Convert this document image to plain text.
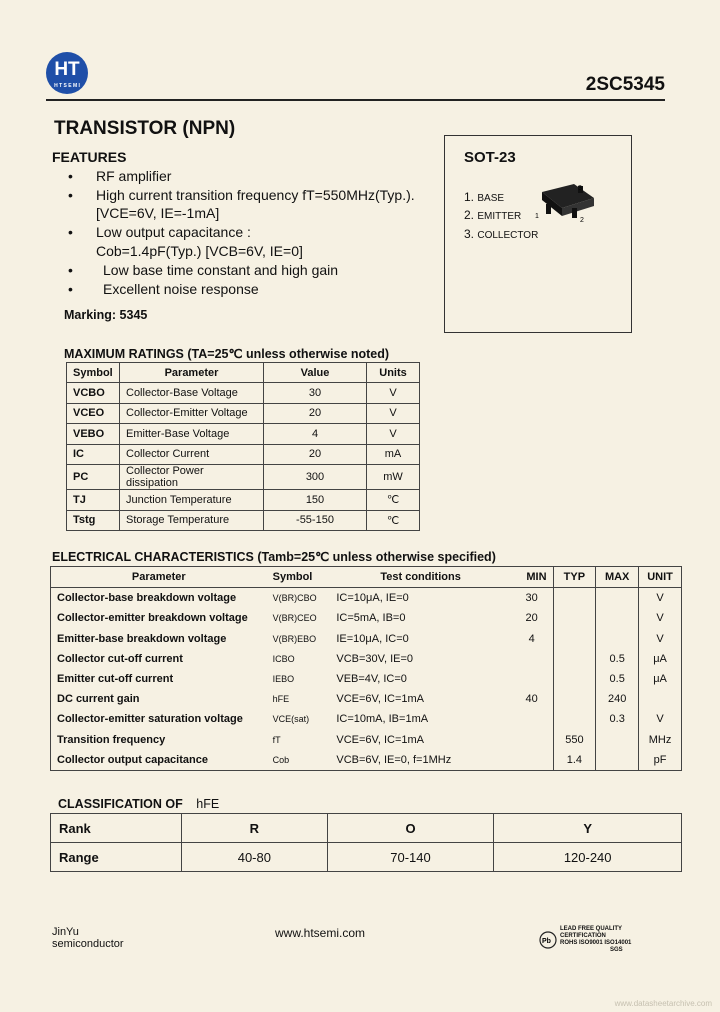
HT
H T S E M I	2SC5345
TRANSISTOR (NPN)
FEATURES
• RF amplifier
• High current transition frequency fT=550MHz(Typ.).
[VCE=6V, IE=-1mA]
• Low output capacitance :
Cob=1.4pF(Typ.) [VCB=6V, IE=0]
• Low base time constant and high gain
• Excellent noise response
SOT-23
1. BASE
2. EMITTER
3. COLLECTOR
1
2
3
Marking: 5345
MAXIMUM RATINGS (TA=25℃ unless otherwise noted)
Symbol	Parameter	Value	Units
VCBO	Collector-Base Voltage	30	V
VCEO	Collector-Emitter Voltage	20	V
VEBO	Emitter-Base Voltage	4	V
IC	Collector Current	20	mA
PC	Collector Power dissipation	300	mW
TJ	Junction Temperature	150	℃
Tstg	Storage Temperature	-55-150	℃
ELECTRICAL CHARACTERISTICS (Tamb=25℃ unless otherwise specified)
Parameter	Symbol	Test conditions	MIN	TYP	MAX	UNIT
Collector-base breakdown voltage	V(BR)CBO	IC=10μA, IE=0	30			V
Collector-emitter breakdown voltage	V(BR)CEO	IC=5mA, IB=0	20			V
Emitter-base breakdown voltage	V(BR)EBO	IE=10μA, IC=0	4			V
Collector cut-off current	ICBO	VCB=30V, IE=0			0.5	μA
Emitter cut-off current	IEBO	VEB=4V, IC=0			0.5	μA
DC current gain	hFE	VCE=6V, IC=1mA	40		240	
Collector-emitter saturation voltage	VCE(sat)	IC=10mA, IB=1mA			0.3	V
Transition frequency	fT	VCE=6V, IC=1mA		550		MHz
Collector output capacitance	Cob	VCB=6V, IE=0, f=1MHz		1.4		pF
CLASSIFICATION OF hFE
Rank	R	O	Y
Range	40-80	70-140	120-240
JinYu
semiconductor
www.htsemi.com
Pb
LEAD FREE QUALITY
CERTIFICATION
ROHS ISO9001 ISO14001
SGS
www.datasheetarchive.com
